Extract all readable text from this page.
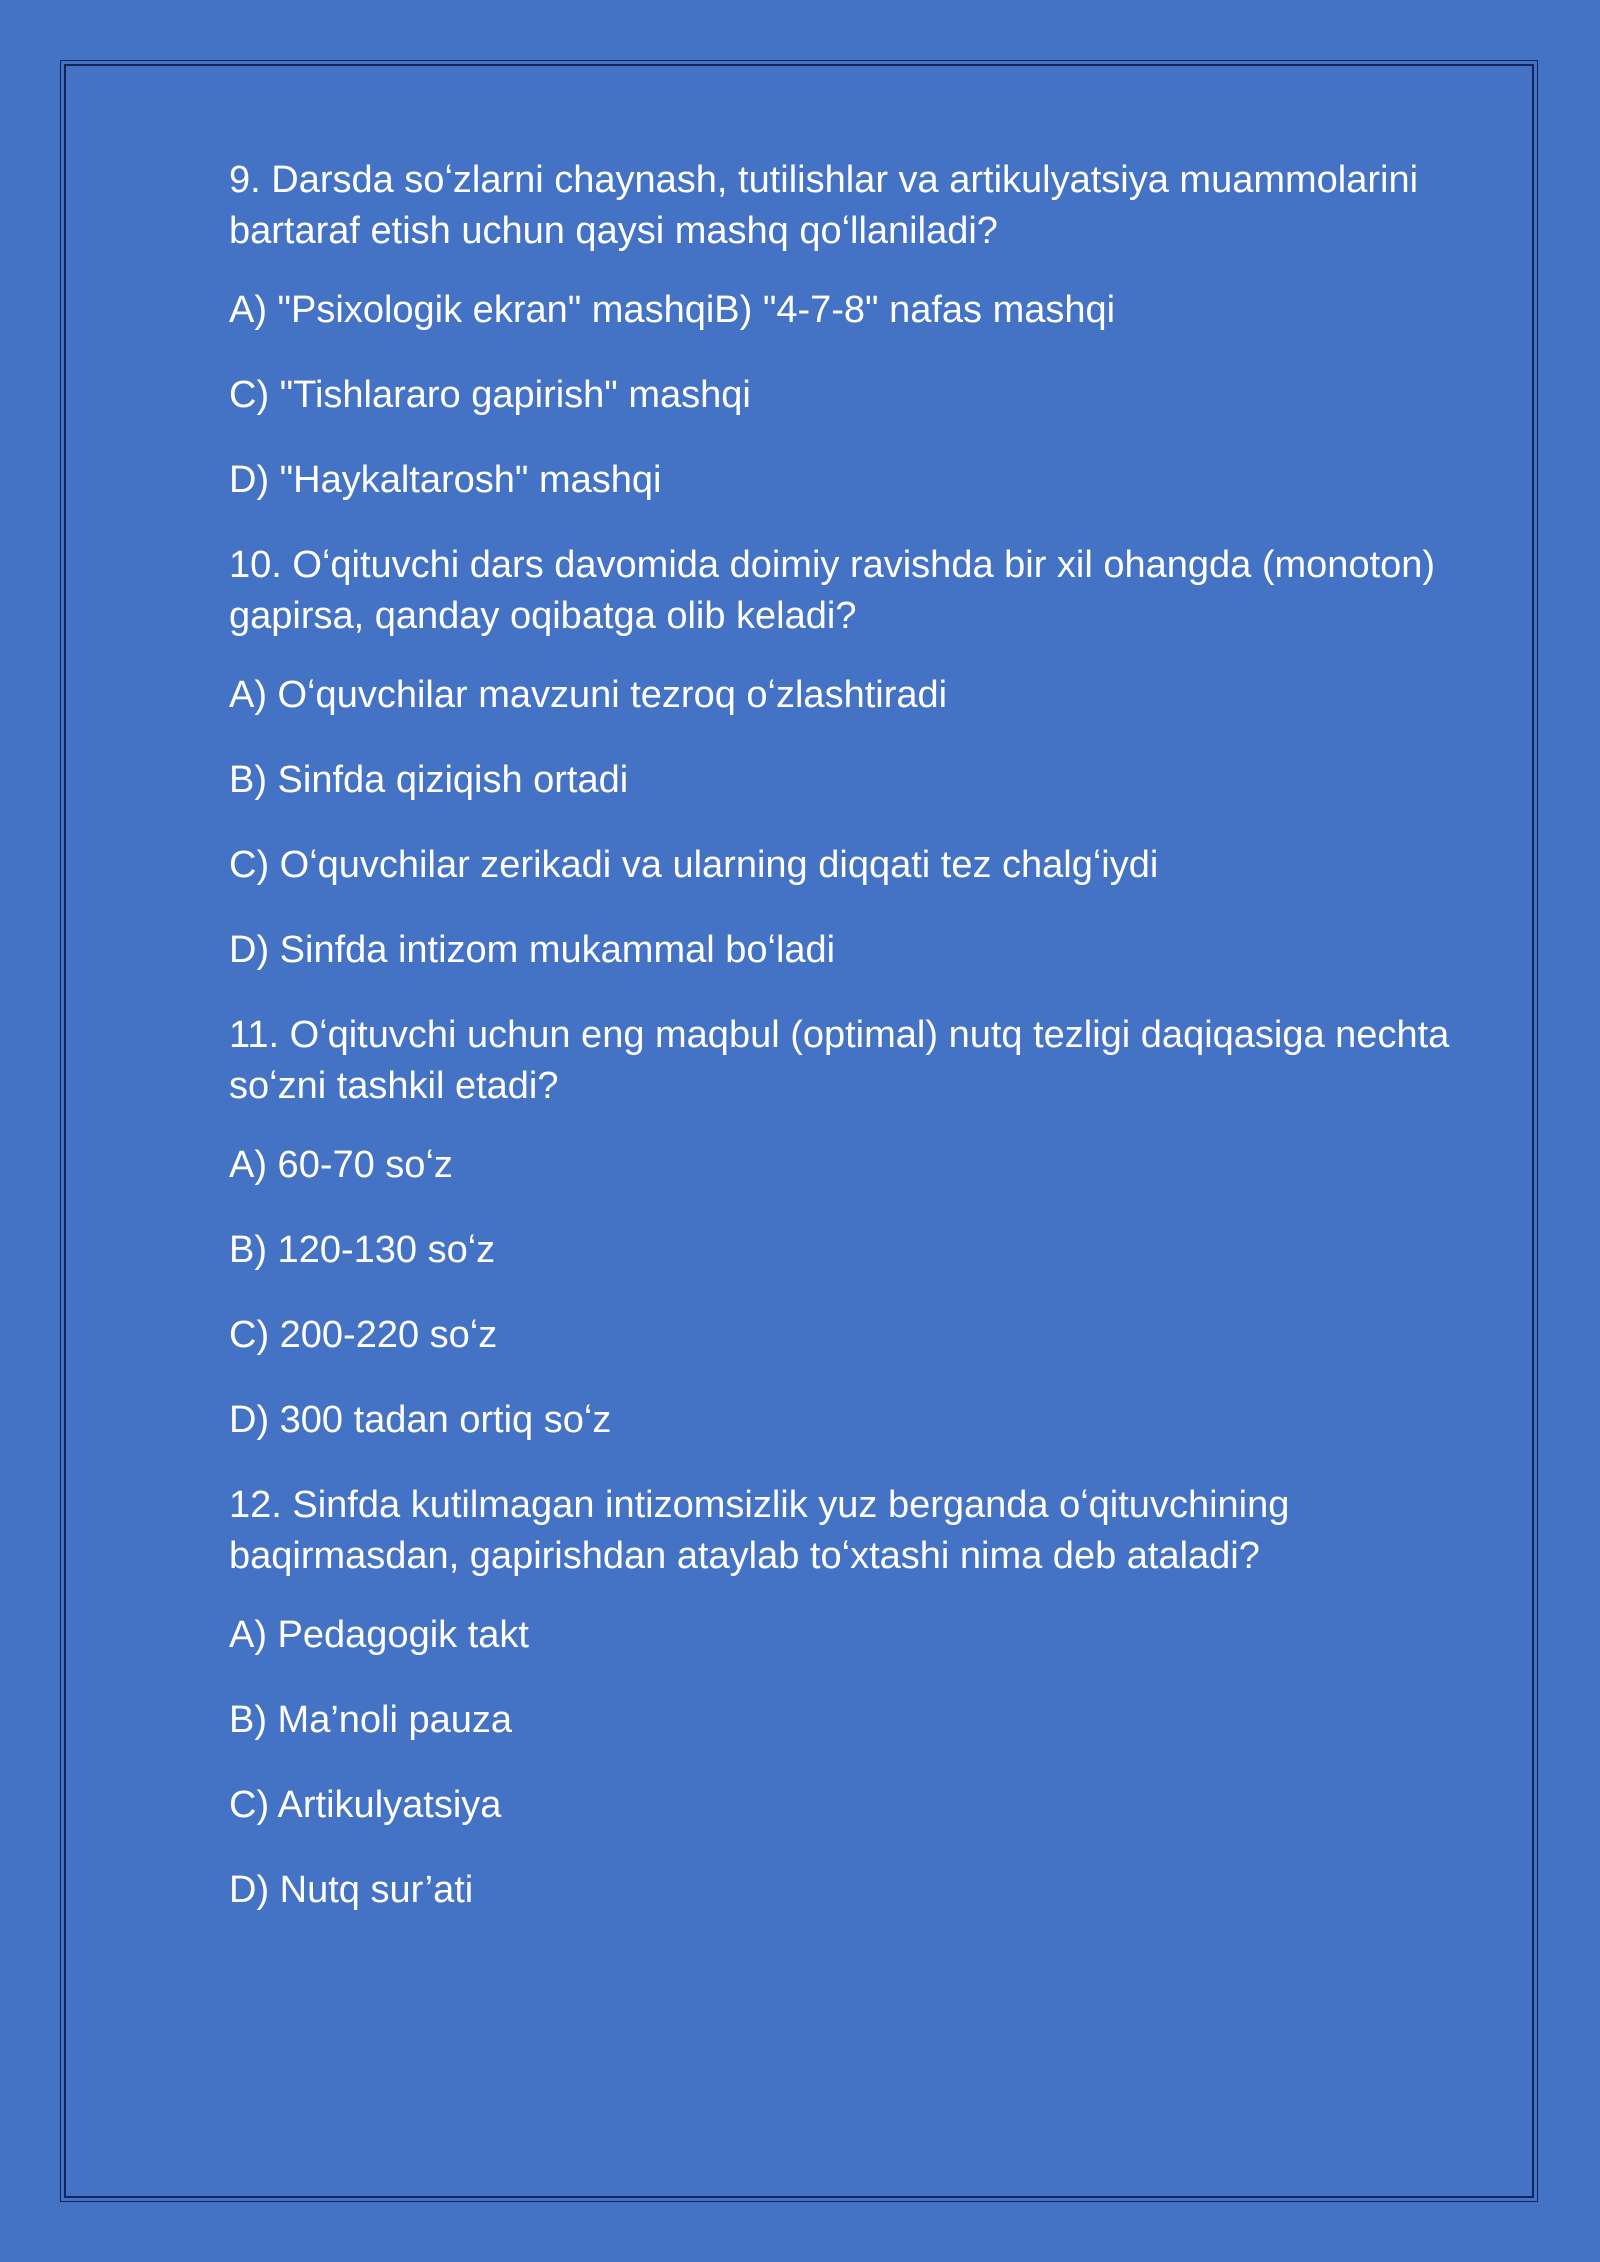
9. Darsda soʻzlarni chaynash, tutilishlar va artikulyatsiya muammolarini bartaraf etish uchun qaysi mashq qoʻllaniladi?

A) "Psixologik ekran" mashqiB) "4-7-8" nafas mashqi

C) "Tishlararo gapirish" mashqi

D) "Haykaltarosh" mashqi

10. Oʻqituvchi dars davomida doimiy ravishda bir xil ohangda (monoton) gapirsa, qanday oqibatga olib keladi?

A) Oʻquvchilar mavzuni tezroq oʻzlashtiradi

B) Sinfda qiziqish ortadi

C) Oʻquvchilar zerikadi va ularning diqqati tez chalgʻiydi

D) Sinfda intizom mukammal boʻladi

11. Oʻqituvchi uchun eng maqbul (optimal) nutq tezligi daqiqasiga nechta soʻzni tashkil etadi?

A) 60-70 soʻz

B) 120-130 soʻz

C) 200-220 soʻz

D) 300 tadan ortiq soʻz

12. Sinfda kutilmagan intizomsizlik yuz berganda oʻqituvchining baqirmasdan, gapirishdan ataylab toʻxtashi nima deb ataladi?

A) Pedagogik takt

B) Ma’noli pauza

C) Artikulyatsiya

D) Nutq sur’ati
